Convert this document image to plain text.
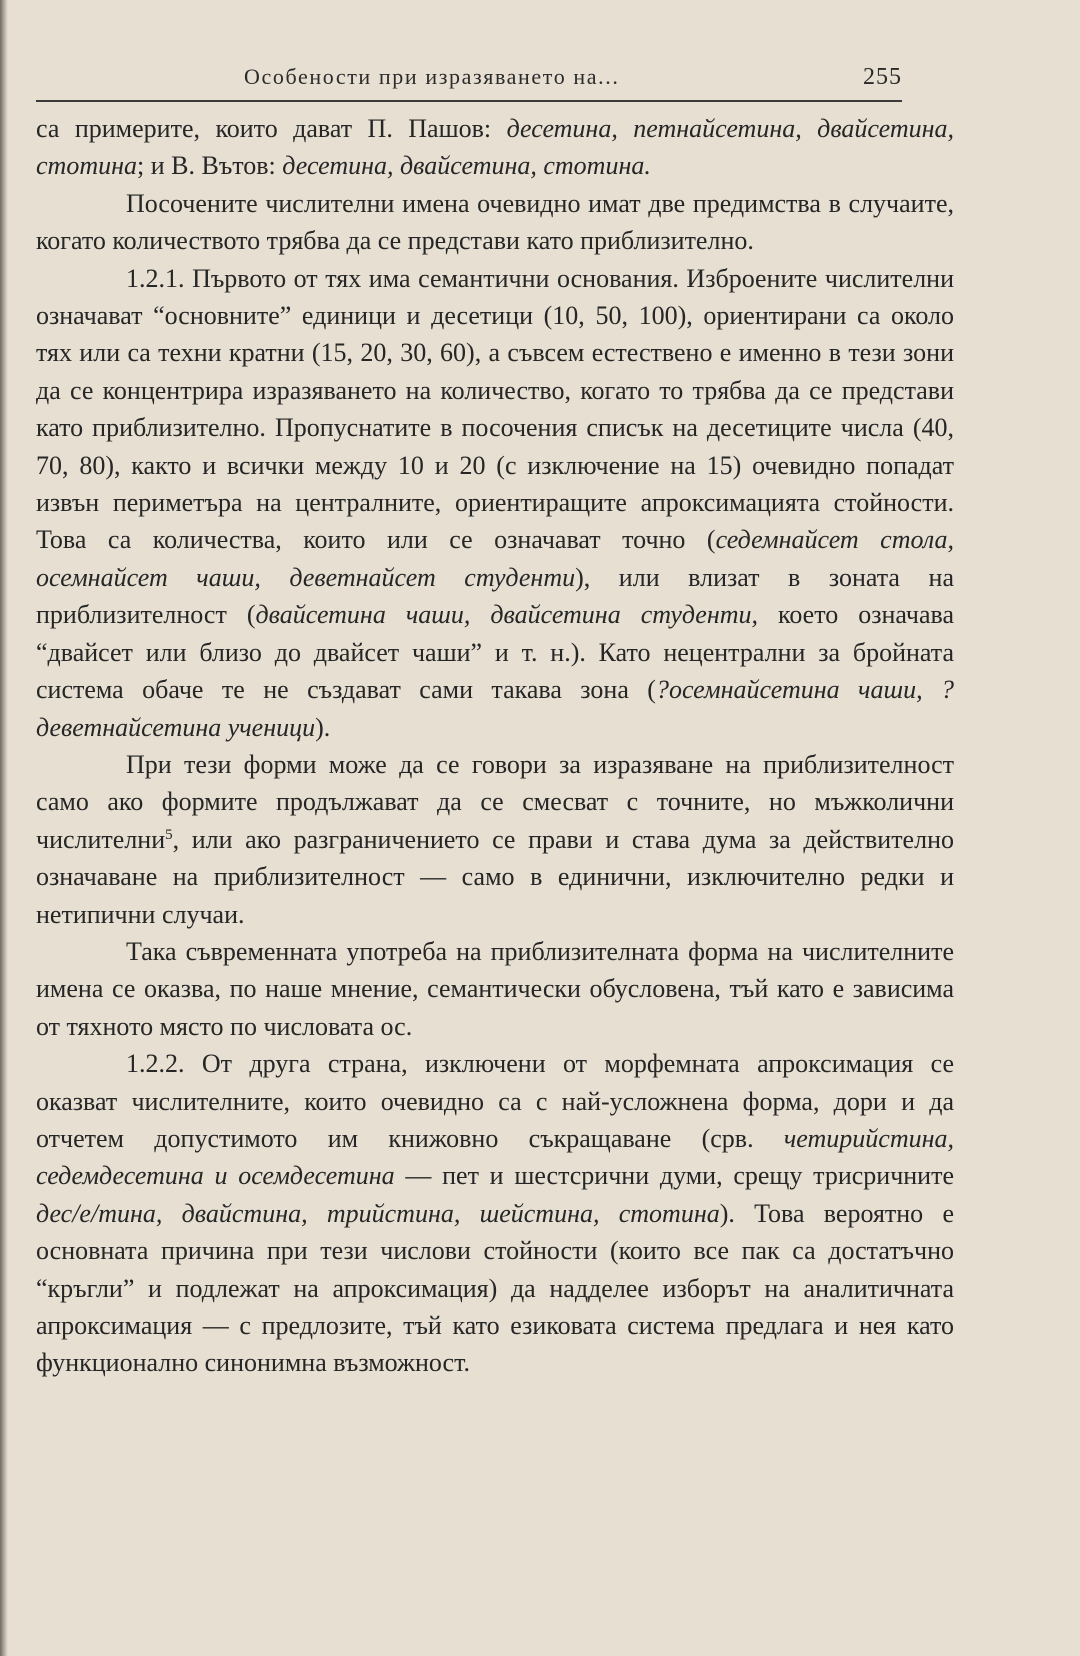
Особености при изразяването на...	255

са примерите, които дават П. Пашов: десетина, петнайсетина, двайсетина, стотина; и В. Вътов: десетина, двайсетина, стотина.

Посочените числителни имена очевидно имат две предимства в случаите, когато количеството трябва да се представи като приблизително.

1.2.1. Първото от тях има семантични основания. Изброените числителни означават “основните” единици и десетици (10, 50, 100), ориентирани са около тях или са техни кратни (15, 20, 30, 60), а съвсем естествено е именно в тези зони да се концентрира изразяването на количество, когато то трябва да се представи като приблизително. Пропуснатите в посочения списък на десетиците числа (40, 70, 80), както и всички между 10 и 20 (с изключение на 15) очевидно попадат извън периметъра на централните, ориентиращите апроксимацията стойности. Това са количества, които или се означават точно (седемнайсет стола, осемнайсет чаши, деветнайсет студенти), или влизат в зоната на приблизителност (двайсетина чаши, двайсетина студенти, което означава “двайсет или близо до двайсет чаши” и т. н.). Като нецентрални за бройната система обаче те не създават сами такава зона (?осемнайсетина чаши, ?деветнайсетина ученици).

При тези форми може да се говори за изразяване на приблизителност само ако формите продължават да се смесват с точните, но мъжколични числителни$^5$, или ако разграничението се прави и става дума за действително означаване на приблизителност — само в единични, изключително редки и нетипични случаи.

Така съвременната употреба на приблизителната форма на числителните имена се оказва, по наше мнение, семантически обусловена, тъй като е зависима от тяхното място по числовата ос.

1.2.2. От друга страна, изключени от морфемната апроксимация се оказват числителните, които очевидно са с най-усложнена форма, дори и да отчетем допустимото им книжовно съкращаване (срв. четирийстина, седемдесетина и осемдесетина — пет и шестсрични думи, срещу трисричните дес/е/тина, двайстина, трийстина, шейстина, стотина). Това вероятно е основната причина при тези числови стойности (които все пак са достатъчно “кръгли” и подлежат на апроксимация) да надделее изборът на аналитичната апроксимация — с предлозите, тъй като езиковата система предлага и нея като функционално синонимна възможност.
